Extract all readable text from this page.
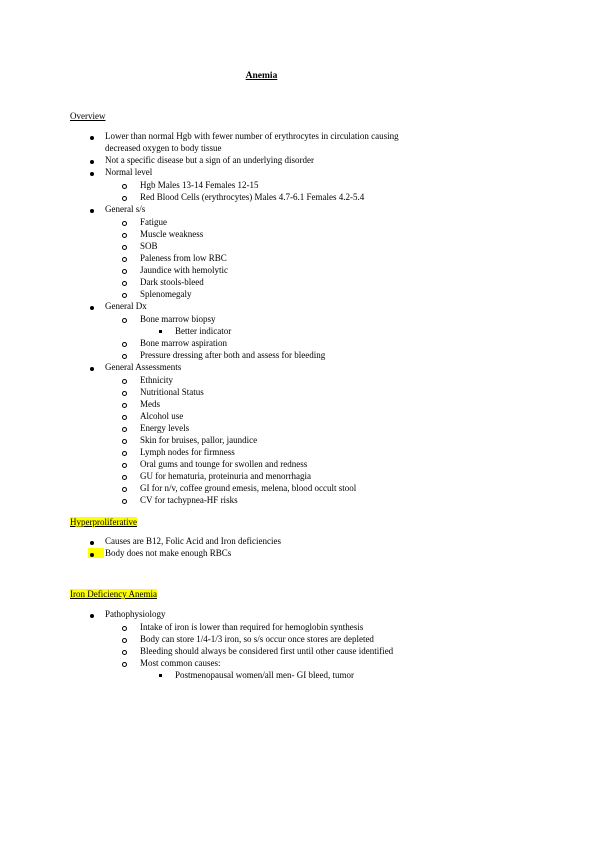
Anemia
Overview
Lower than normal Hgb with fewer number of erythrocytes in circulation causing
decreased oxygen to body tissue
Not a specific disease but a sign of an underlying disorder
Normal level
Hgb Males 13-14 Females 12-15
Red Blood Cells (erythrocytes) Males 4.7-6.1 Females 4.2-5.4
General s/s
Fatigue
Muscle weakness
SOB
Paleness from low RBC
Jaundice with hemolytic
Dark stools-bleed
Splenomegaly
General Dx
Bone marrow biopsy
Better indicator
Bone marrow aspiration
Pressure dressing after both and assess for bleeding
General Assessments
Ethnicity
Nutritional Status
Meds
Alcohol use
Energy levels
Skin for bruises, pallor, jaundice
Lymph nodes for firmness
Oral gums and tounge for swollen and redness
GU for hematuria, proteinuria and menorrhagia
GI for n/v, coffee ground emesis, melena, blood occult stool
CV for tachypnea-HF risks
Hyperproliferative
Causes are B12, Folic Acid and Iron deficiencies
Body does not make enough RBCs
Iron Deficiency Anemia
Pathophysiology
Intake of iron is lower than required for hemoglobin synthesis
Body can store 1/4-1/3 iron, so s/s occur once stores are depleted
Bleeding should always be considered first until other cause identified
Most common causes:
Postmenopausal women/all men- GI bleed, tumor
